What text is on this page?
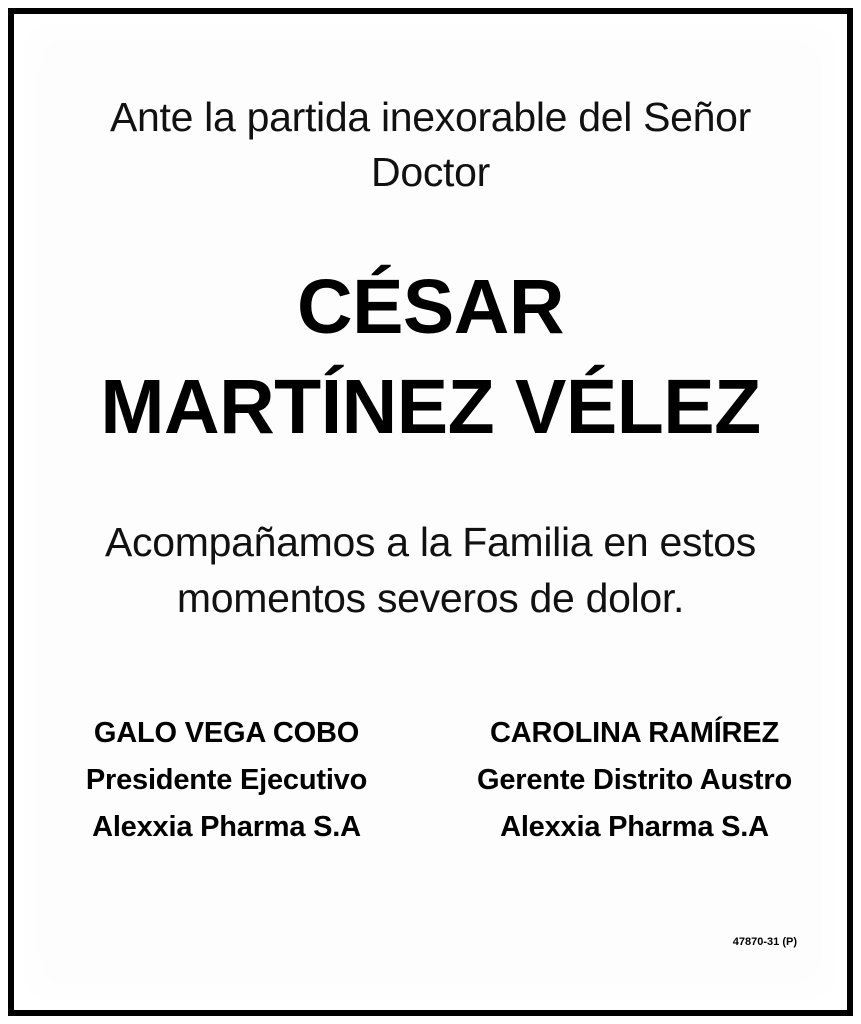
Ante la partida inexorable del Señor Doctor
CÉSAR
MARTÍNEZ VÉLEZ
Acompañamos a la Familia en estos momentos severos de dolor.
GALO VEGA COBO
Presidente Ejecutivo
Alexxia Pharma S.A
CAROLINA RAMÍREZ
Gerente Distrito Austro
Alexxia Pharma S.A
47870-31 (P)
